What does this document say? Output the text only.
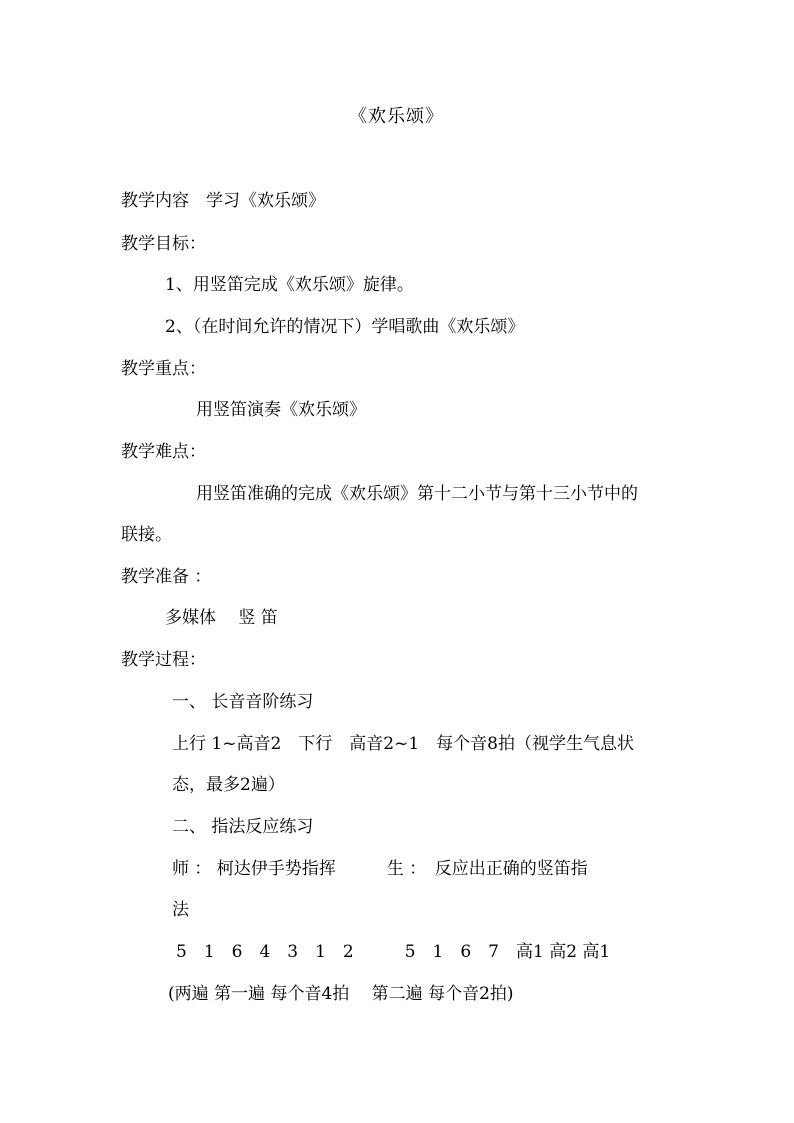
《欢乐颂》
教学内容　学习《欢乐颂》
教学目标：
1、用竖笛完成《欢乐颂》旋律。
2、（在时间允许的情况下）学唱歌曲《欢乐颂》
教学重点：
用竖笛演奏《欢乐颂》
教学难点：
用竖笛准确的完成《欢乐颂》第十二小节与第十三小节中的
联接。
教学准备 ：
多媒体　 竖 笛
教学过程：
一、 长音音阶练习
上行 1~高音2　下行　高音2~1　每个音8拍（视学生气息状
态，最多2遍）
二、 指法反应练习
师 ： 柯达伊手势指挥　　　生 ：　反应出正确的竖笛指
法
5　1　6　4　3　1　2　　　5　1　6　7　高1 高2 高1
(两遍 第一遍 每个音4拍　 第二遍 每个音2拍)
